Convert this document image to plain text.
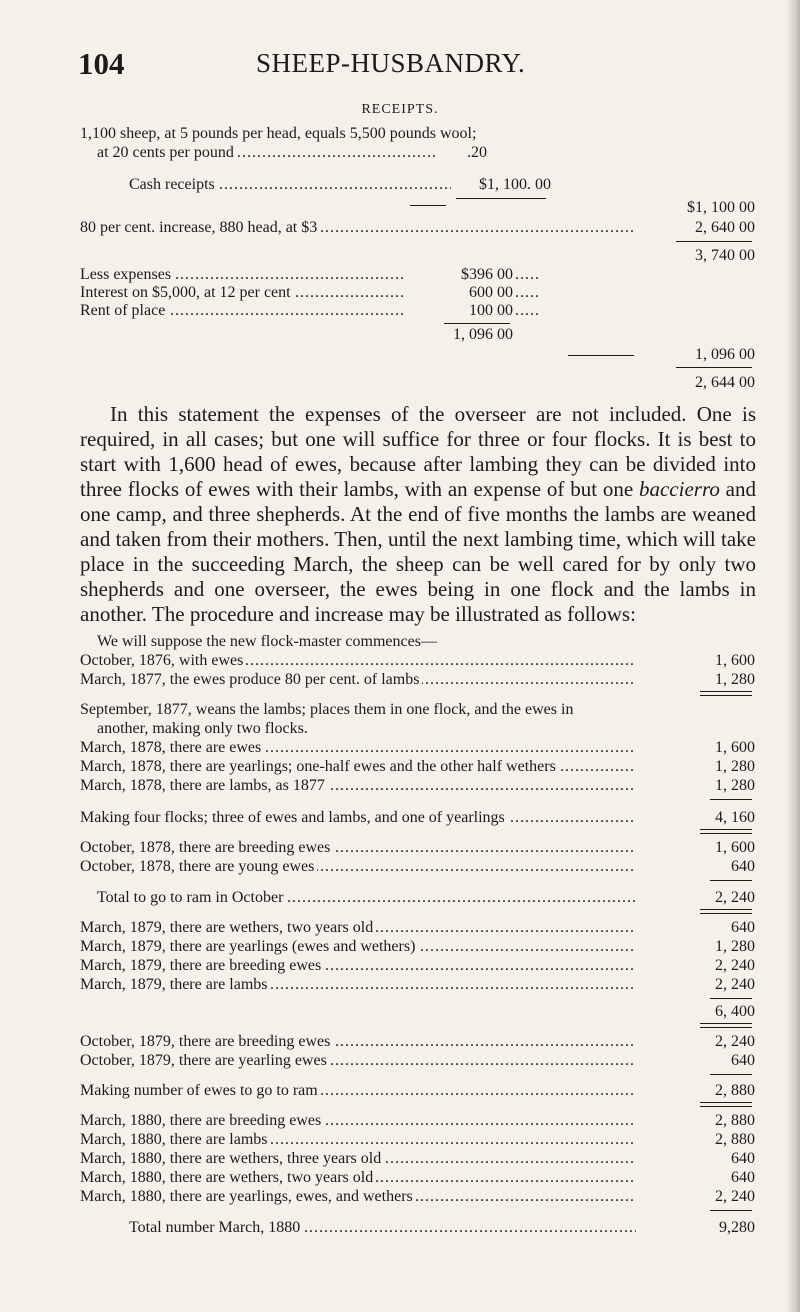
104	SHEEP-HUSBANDRY.
RECEIPTS.
1,100 sheep, at 5 pounds per head, equals 5,500 pounds wool;
at 20 cents per pound .....	.20
Cash receipts .....	$1, 100. 00
$1, 100 00
80 per cent. increase, 880 head, at $3 .....	2, 640 00
3, 740 00
Less expenses .....	$396 00
Interest on $5,000, at 12 per cent .....	600 00
Rent of place .....	100 00
1, 096 00
1, 096 00
2, 644 00

In this statement the expenses of the overseer are not included. One is required, in all cases; but one will suffice for three or four flocks. It is best to start with 1,600 head of ewes, because after lambing they can be divided into three flocks of ewes with their lambs, with an expense of but one baccierro and one camp, and three shepherds. At the end of five months the lambs are weaned and taken from their mothers. Then, until the next lambing time, which will take place in the succeeding March, the sheep can be well cared for by only two shepherds and one overseer, the ewes being in one flock and the lambs in another. The procedure and increase may be illustrated as follows:

We will suppose the new flock-master commences—
October, 1876, with ewes .....	1, 600
March, 1877, the ewes produce 80 per cent. of lambs .....	1, 280
September, 1877, weans the lambs; places them in one flock, and the ewes in
another, making only two flocks.
March, 1878, there are ewes .....	1, 600
March, 1878, there are yearlings; one-half ewes and the other half wethers .....	1, 280
March, 1878, there are lambs, as 1877 .....	1, 280
Making four flocks; three of ewes and lambs, and one of yearlings .....	4, 160
October, 1878, there are breeding ewes .....	1, 600
October, 1878, there are young ewes .....	640
Total to go to ram in October .....	2, 240
March, 1879, there are wethers, two years old .....	640
March, 1879, there are yearlings (ewes and wethers) .....	1, 280
March, 1879, there are breeding ewes .....	2, 240
March, 1879, there are lambs .....	2, 240
6, 400
October, 1879, there are breeding ewes .....	2, 240
October, 1879, there are yearling ewes .....	640
Making number of ewes to go to ram .....	2, 880
March, 1880, there are breeding ewes .....	2, 880
March, 1880, there are lambs .....	2, 880
March, 1880, there are wethers, three years old .....	640
March, 1880, there are wethers, two years old .....	640
March, 1880, there are yearlings, ewes, and wethers .....	2, 240
Total number March, 1880 .....	9,280
